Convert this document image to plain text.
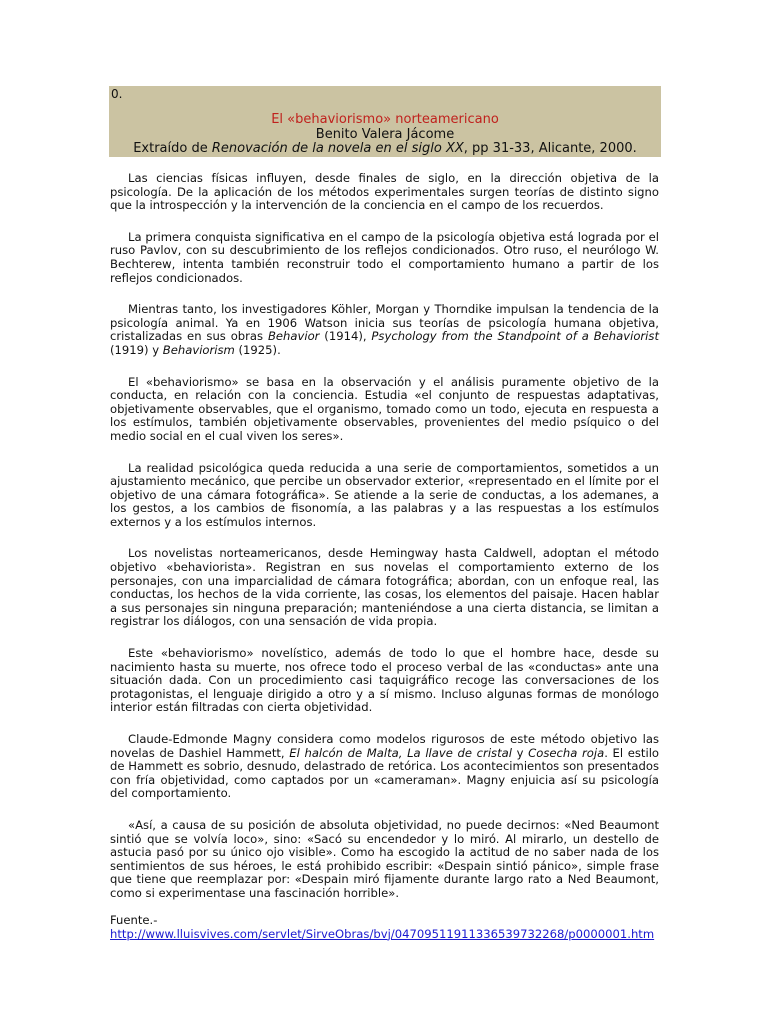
0.
El «behaviorismo» norteamericano
Benito Valera Jácome
Extraído de Renovación de la novela en el siglo XX, pp 31-33, Alicante, 2000.

Las ciencias físicas influyen, desde finales de siglo, en la dirección objetiva de la psicología. De la aplicación de los métodos experimentales surgen teorías de distinto signo que la introspección y la intervención de la conciencia en el campo de los recuerdos.

La primera conquista significativa en el campo de la psicología objetiva está lograda por el ruso Pavlov, con su descubrimiento de los reflejos condicionados. Otro ruso, el neurólogo W. Bechterew, intenta también reconstruir todo el comportamiento humano a partir de los reflejos condicionados.

Mientras tanto, los investigadores Köhler, Morgan y Thorndike impulsan la tendencia de la psicología animal. Ya en 1906 Watson inicia sus teorías de psicología humana objetiva, cristalizadas en sus obras Behavior (1914), Psychology from the Standpoint of a Behaviorist (1919) y Behaviorism (1925).

El «behaviorismo» se basa en la observación y el análisis puramente objetivo de la conducta, en relación con la conciencia. Estudia «el conjunto de respuestas adaptativas, objetivamente observables, que el organismo, tomado como un todo, ejecuta en respuesta a los estímulos, también objetivamente observables, provenientes del medio psíquico o del medio social en el cual viven los seres».

La realidad psicológica queda reducida a una serie de comportamientos, sometidos a un ajustamiento mecánico, que percibe un observador exterior, «representado en el límite por el objetivo de una cámara fotográfica». Se atiende a la serie de conductas, a los ademanes, a los gestos, a los cambios de fisonomía, a las palabras y a las respuestas a los estímulos externos y a los estímulos internos.

Los novelistas norteamericanos, desde Hemingway hasta Caldwell, adoptan el método objetivo «behaviorista». Registran en sus novelas el comportamiento externo de los personajes, con una imparcialidad de cámara fotográfica; abordan, con un enfoque real, las conductas, los hechos de la vida corriente, las cosas, los elementos del paisaje. Hacen hablar a sus personajes sin ninguna preparación; manteniéndose a una cierta distancia, se limitan a registrar los diálogos, con una sensación de vida propia.

Este «behaviorismo» novelístico, además de todo lo que el hombre hace, desde su nacimiento hasta su muerte, nos ofrece todo el proceso verbal de las «conductas» ante una situación dada. Con un procedimiento casi taquigráfico recoge las conversaciones de los protagonistas, el lenguaje dirigido a otro y a sí mismo. Incluso algunas formas de monólogo interior están filtradas con cierta objetividad.

Claude-Edmonde Magny considera como modelos rigurosos de este método objetivo las novelas de Dashiel Hammett, El halcón de Malta, La llave de cristal y Cosecha roja. El estilo de Hammett es sobrio, desnudo, delastrado de retórica. Los acontecimientos son presentados con fría objetividad, como captados por un «cameraman». Magny enjuicia así su psicología del comportamiento.

«Así, a causa de su posición de absoluta objetividad, no puede decirnos: «Ned Beaumont sintió que se volvía loco», sino: «Sacó su encendedor y lo miró. Al mirarlo, un destello de astucia pasó por su único ojo visible». Como ha escogido la actitud de no saber nada de los sentimientos de sus héroes, le está prohibido escribir: «Despain sintió pánico», simple frase que tiene que reemplazar por: «Despain miró fijamente durante largo rato a Ned Beaumont, como si experimentase una fascinación horrible».

Fuente.-
http://www.lluisvives.com/servlet/SirveObras/bvj/04709511911336539732268/p0000001.htm
